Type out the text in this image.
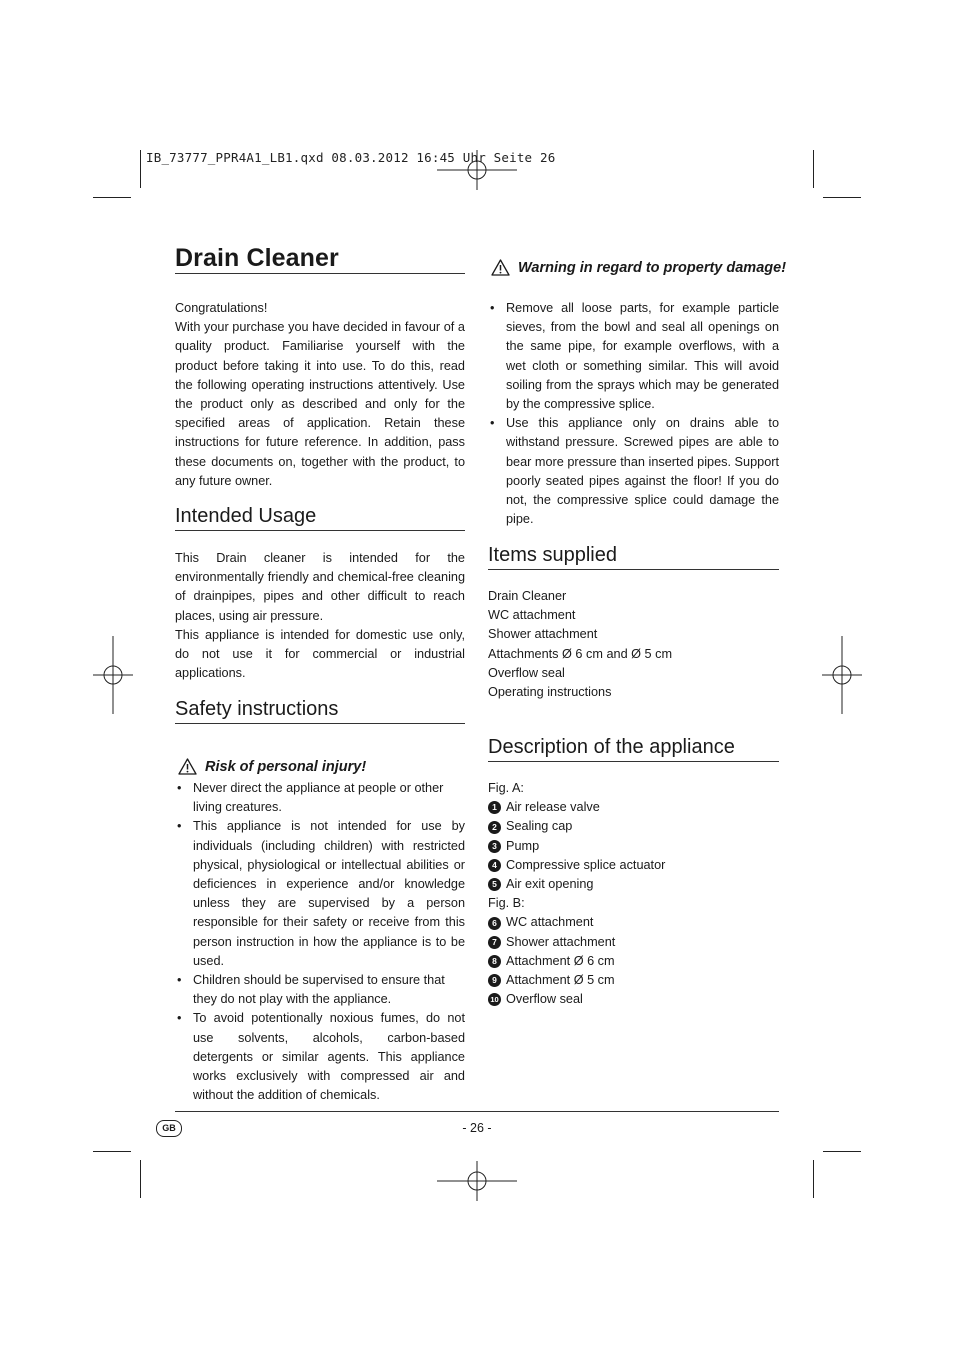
IB_73777_PPR4A1_LB1.qxd 08.03.2012 16:45 Uhr Seite 26
Drain Cleaner

Congratulations!

With your purchase you have decided in favour of a quality product. Familiarise yourself with the product before taking it into use. To do this, read the following operating instructions attentively. Use the product only as described and only for the specified areas of application. Retain these instructions for future reference. In addition, pass these documents on, together with the product, to any future owner.

Intended Usage

This Drain cleaner is intended for the environmentally friendly and chemical-free cleaning of drainpipes, pipes and other difficult to reach places, using air pressure.

This appliance is intended for domestic use only, do not use it for commercial or industrial applications.

Safety instructions
Risk of personal injury!
• Never direct the appliance at people or other living creatures.
• This appliance is not intended for use by individuals (including children) with restricted physical, physiological or intellectual abilities or deficiences in experience and/or knowledge unless they are supervised by a person responsible for their safety or receive from this person instruction in how the appliance is to be used.
• Children should be supervised to ensure that they do not play with the appliance.
• To avoid potentionally noxious fumes, do not use solvents, alcohols, carbon-based detergents or similar agents. This appliance works exclusively with compressed air and without the addition of chemicals.
Warning in regard to property damage!
• Remove all loose parts, for example particle sieves, from the bowl and seal all openings on the same pipe, for example overflows, with a wet cloth or something similar. This will avoid soiling from the sprays which may be generated by the compressive splice.
• Use this appliance only on drains able to withstand pressure. Screwed pipes are able to bear more pressure than inserted pipes. Support poorly seated pipes against the floor! If you do not, the compressive splice could damage the pipe.
Items supplied
Drain Cleaner
WC attachment
Shower attachment
Attachments Ø 6 cm and Ø 5 cm
Overflow seal
Operating instructions
Description of the appliance
Fig. A:
1 Air release valve
2 Sealing cap
3 Pump
4 Compressive splice actuator
5 Air exit opening
Fig. B:
6 WC attachment
7 Shower attachment
8 Attachment Ø 6 cm
9 Attachment Ø 5 cm
10 Overflow seal
GB	- 26 -
